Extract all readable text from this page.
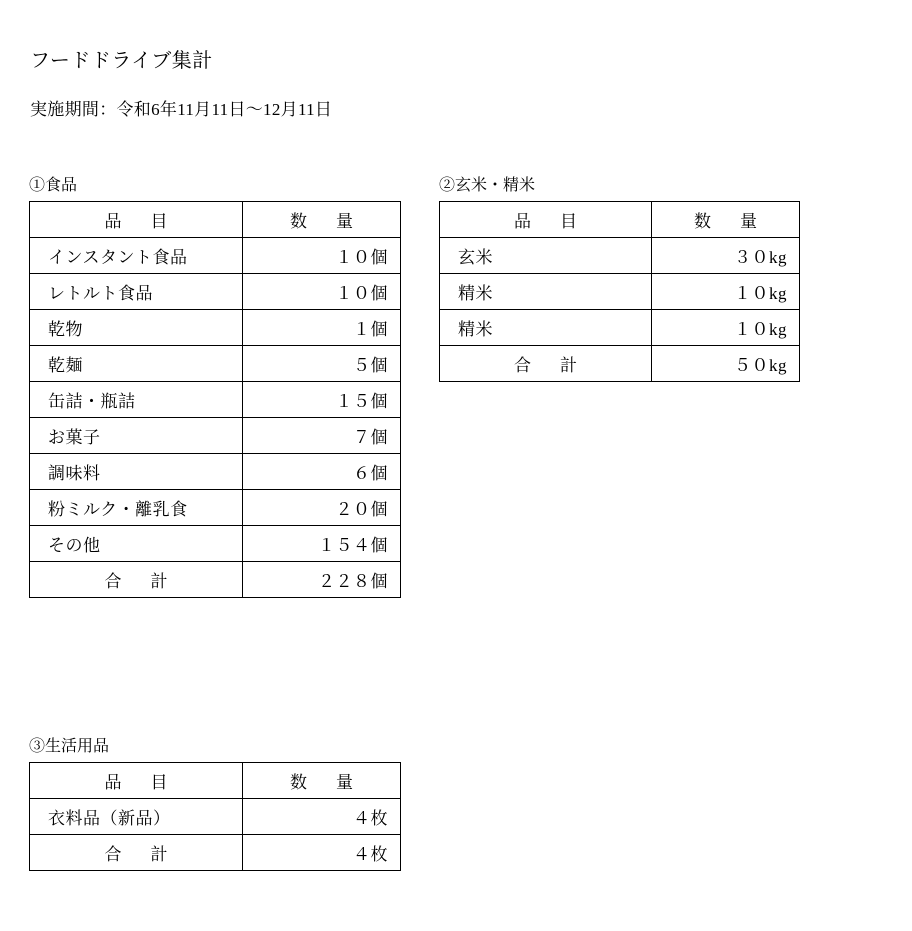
フードドライブ集計
実施期間：令和6年11月11日～12月11日
①食品
品　目	数　量
インスタント食品	１０個
レトルト食品	１０個
乾物	１個
乾麺	５個
缶詰・瓶詰	１５個
お菓子	７個
調味料	６個
粉ミルク・離乳食	２０個
その他	１５４個
合　計	２２８個
②玄米・精米
品　目	数　量
玄米	３０kg
精米	１０kg
精米	１０kg
合　計	５０kg
③生活用品
品　目	数　量
衣料品（新品）	４枚
合　計	４枚
